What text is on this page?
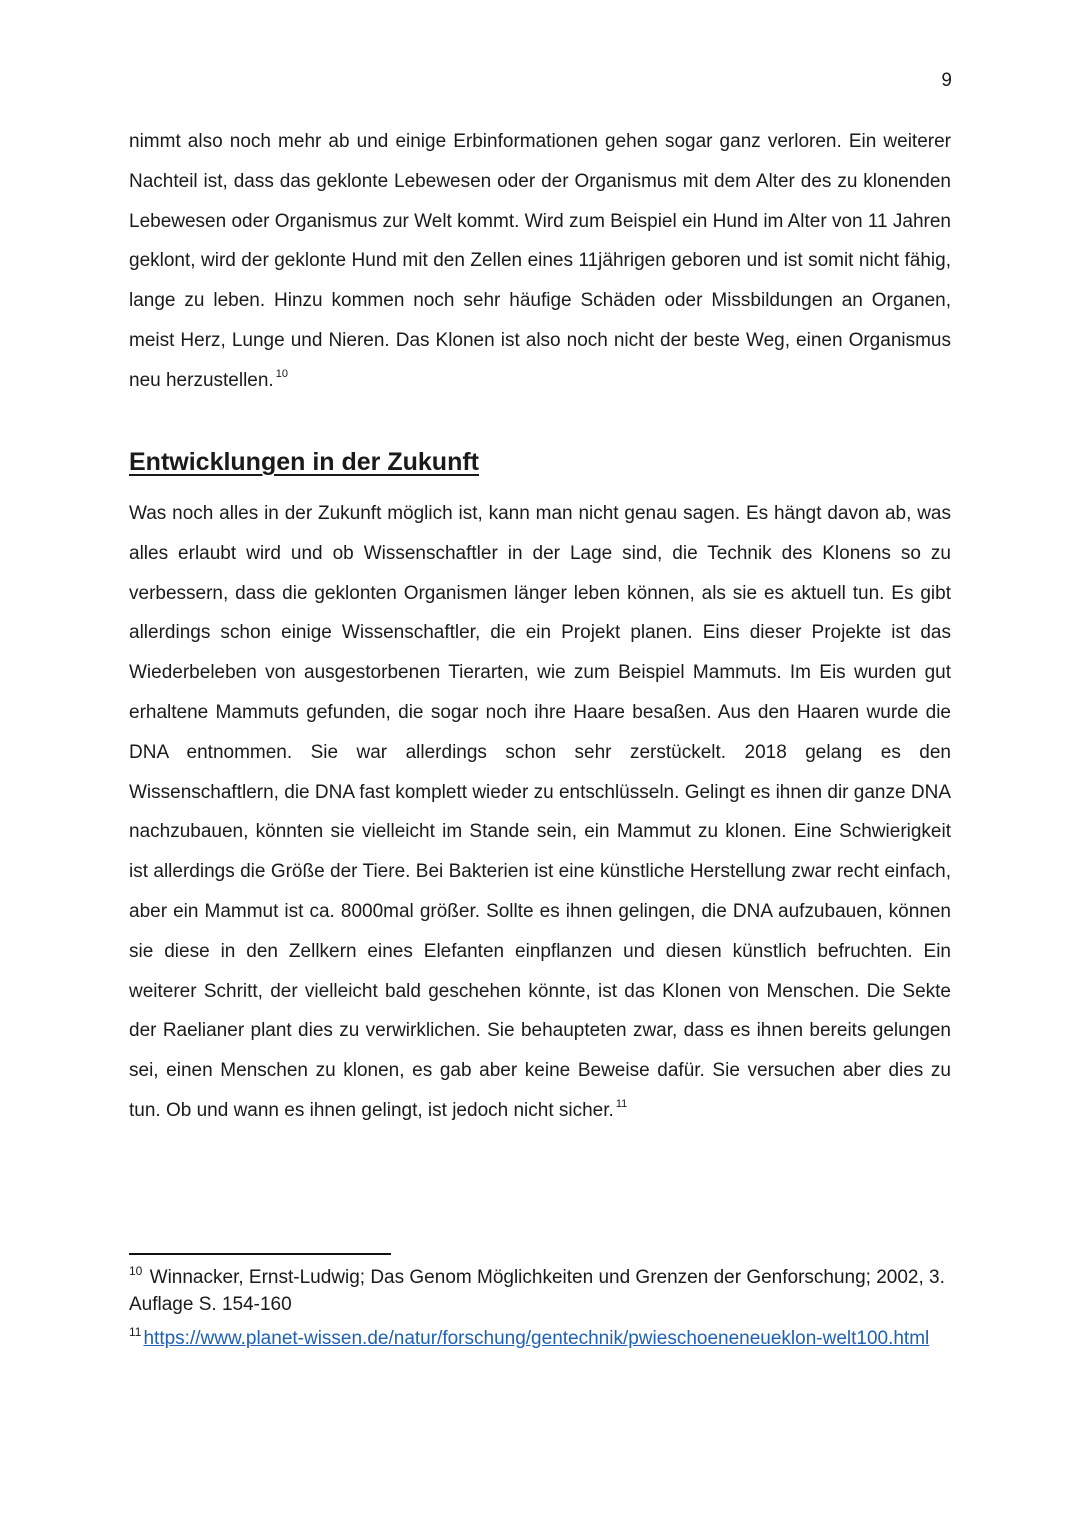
9

nimmt also noch mehr ab und einige Erbinformationen gehen sogar ganz verloren. Ein weiterer Nachteil ist, dass das geklonte Lebewesen oder der Organismus mit dem Alter des zu klonenden Lebewesen oder Organismus zur Welt kommt. Wird zum Beispiel ein Hund im Alter von 11 Jahren geklont, wird der geklonte Hund mit den Zellen eines 11jährigen geboren und ist somit nicht fähig, lange zu leben. Hinzu kommen noch sehr häufige Schäden oder Missbildungen an Organen, meist Herz, Lunge und Nieren. Das Klonen ist also noch nicht der beste Weg, einen Organismus neu herzustellen. $^{10}$

Entwicklungen in der Zukunft

Was noch alles in der Zukunft möglich ist, kann man nicht genau sagen. Es hängt davon ab, was alles erlaubt wird und ob Wissenschaftler in der Lage sind, die Technik des Klonens so zu verbessern, dass die geklonten Organismen länger leben können, als sie es aktuell tun. Es gibt allerdings schon einige Wissenschaftler, die ein Projekt planen. Eins dieser Projekte ist das Wiederbeleben von ausgestorbenen Tierarten, wie zum Beispiel Mammuts. Im Eis wurden gut erhaltene Mammuts gefunden, die sogar noch ihre Haare besaßen. Aus den Haaren wurde die DNA entnommen. Sie war allerdings schon sehr zerstückelt. 2018 gelang es den Wissenschaftlern, die DNA fast komplett wieder zu entschlüsseln. Gelingt es ihnen dir ganze DNA nachzubauen, könnten sie vielleicht im Stande sein, ein Mammut zu klonen. Eine Schwierigkeit ist allerdings die Größe der Tiere. Bei Bakterien ist eine künstliche Herstellung zwar recht einfach, aber ein Mammut ist ca. 8000mal größer. Sollte es ihnen gelingen, die DNA aufzubauen, können sie diese in den Zellkern eines Elefanten einpflanzen und diesen künstlich befruchten. Ein weiterer Schritt, der vielleicht bald geschehen könnte, ist das Klonen von Menschen. Die Sekte der Raelianer plant dies zu verwirklichen. Sie behaupteten zwar, dass es ihnen bereits gelungen sei, einen Menschen zu klonen, es gab aber keine Beweise dafür. Sie versuchen aber dies zu tun. Ob und wann es ihnen gelingt, ist jedoch nicht sicher. $^{11}$

$^{10}$ Winnacker, Ernst-Ludwig; Das Genom Möglichkeiten und Grenzen der Genforschung; 2002, 3. Auflage S. 154-160

$^{11}$ https://www.planet-wissen.de/natur/forschung/gentechnik/pwieschoeneneueklon-welt100.html
